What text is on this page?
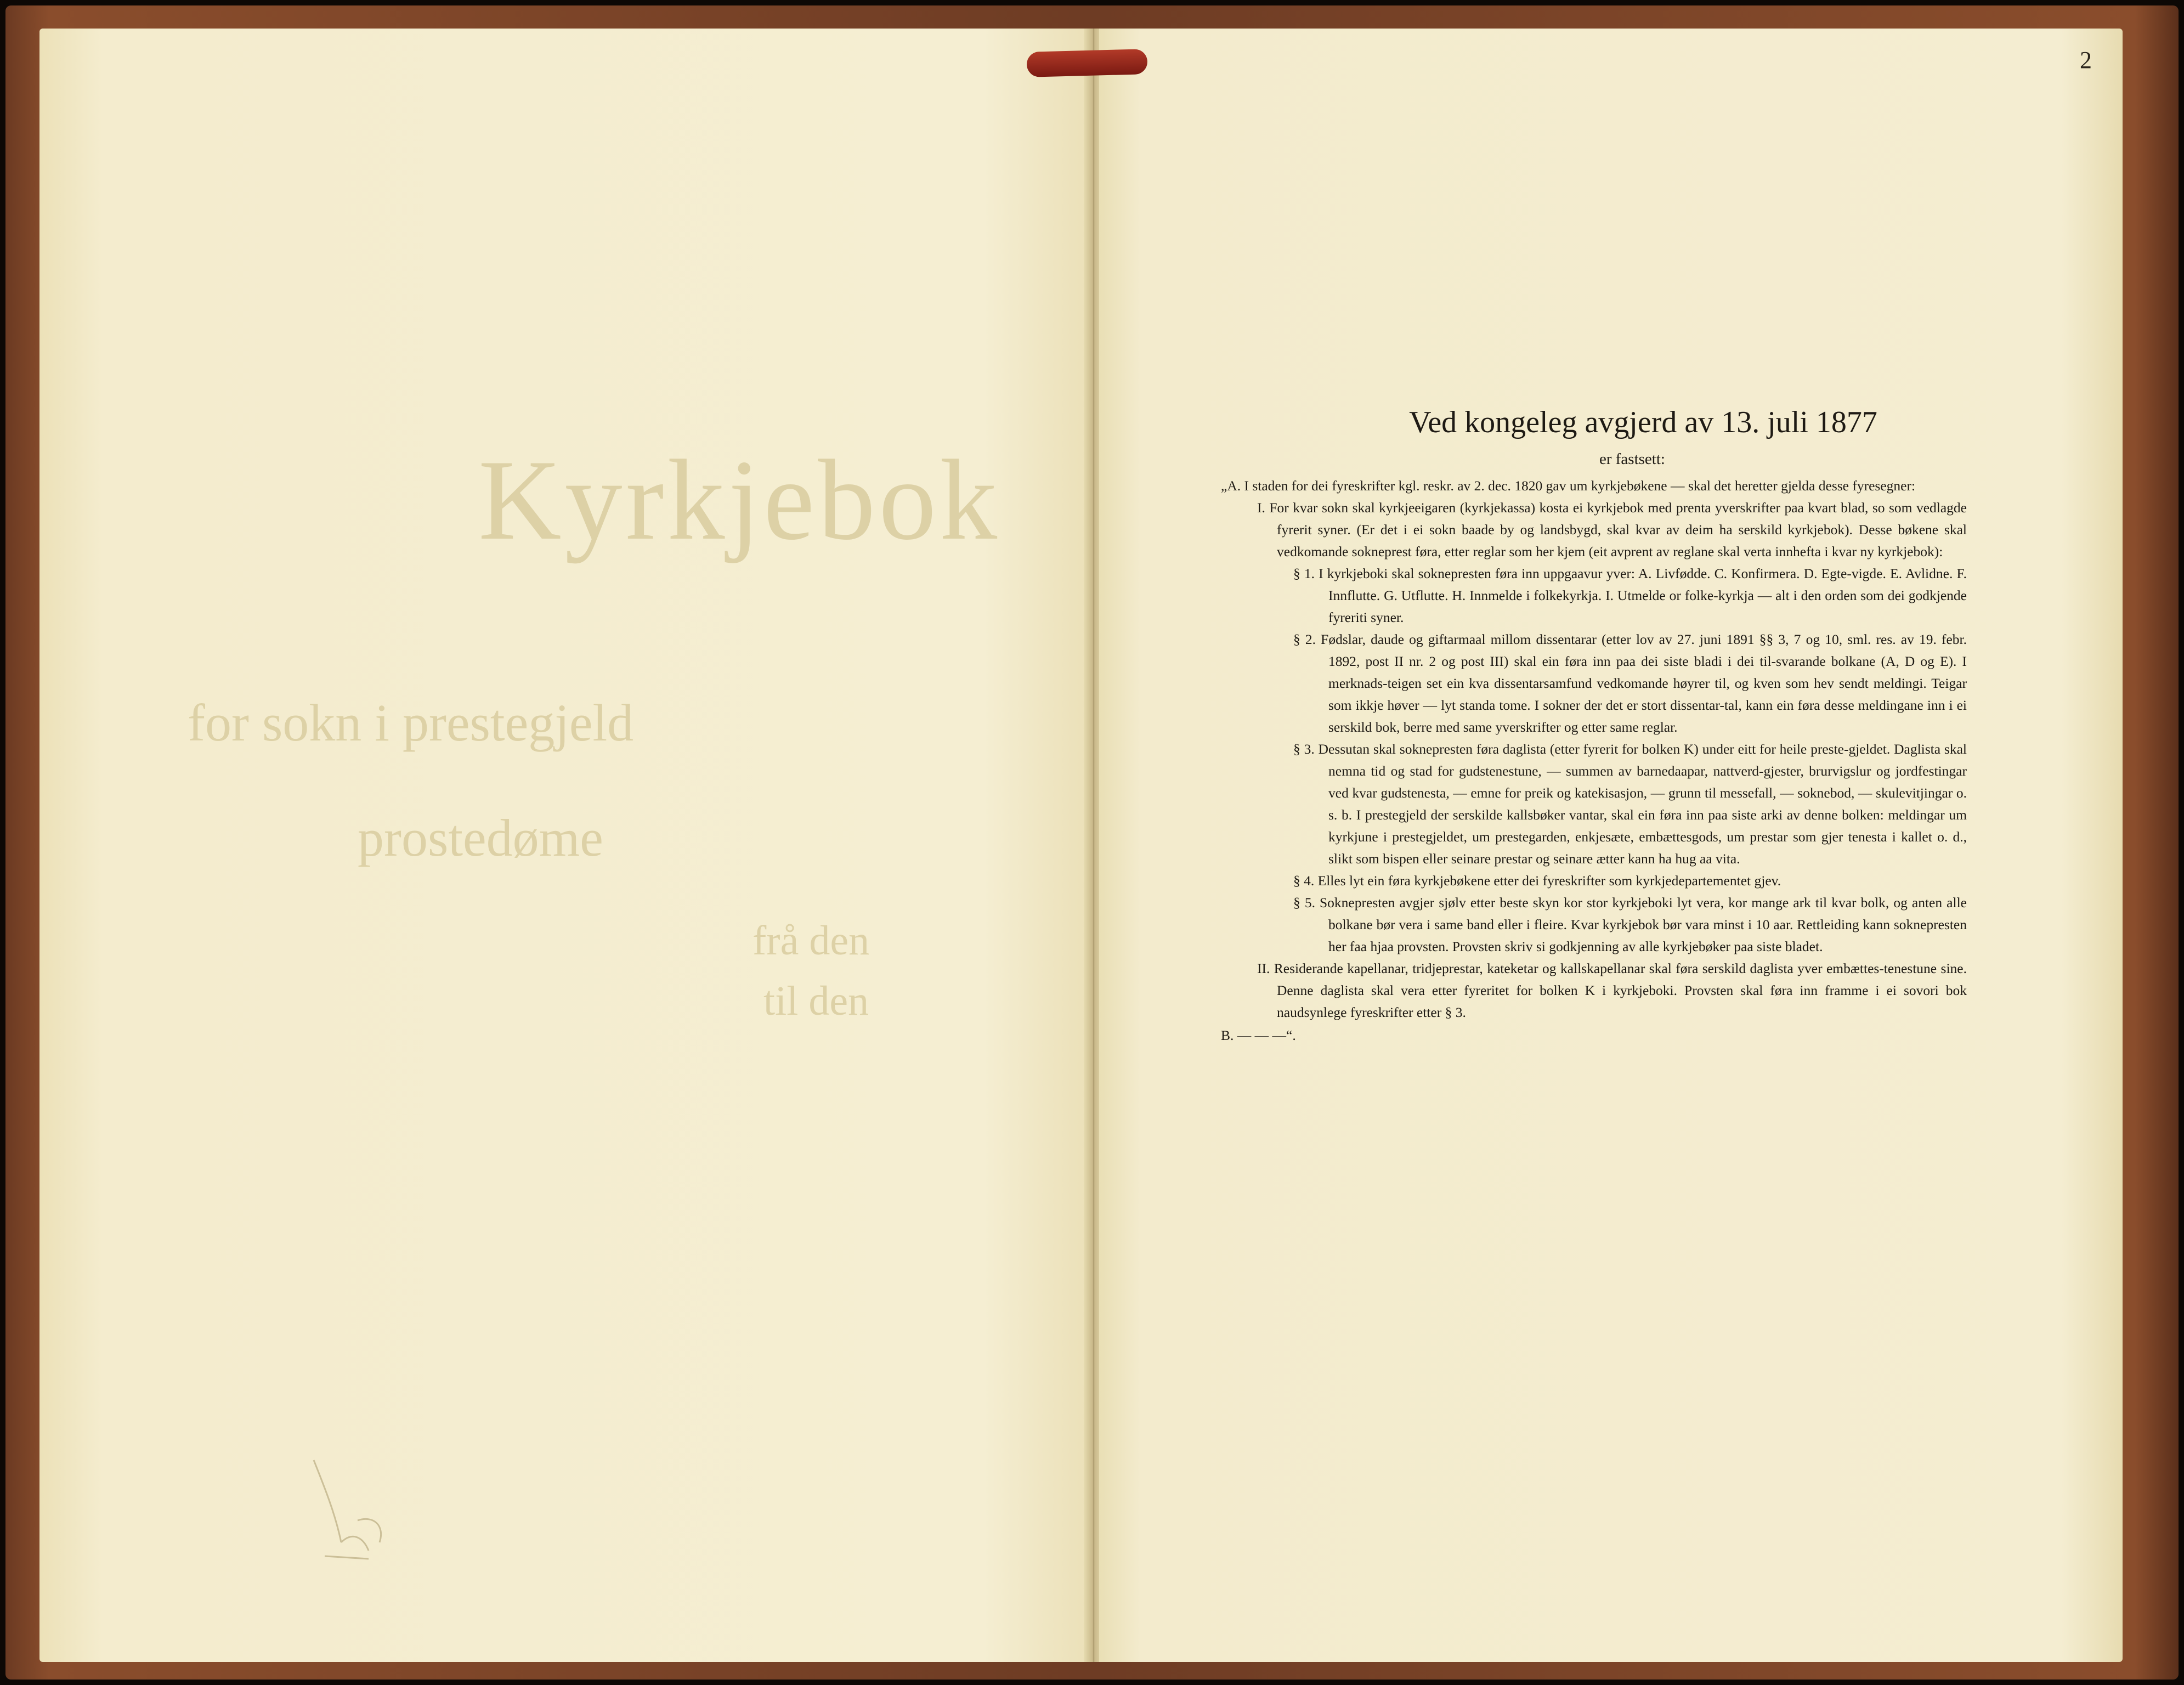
Kyrkjebok
for sokn i prestegjeld
prostedøme
frå den
til den
2
Ved kongeleg avgjerd av 13. juli 1877
er fastsett:

„A. I staden for dei fyreskrifter kgl. reskr. av 2. dec. 1820 gav um kyrkjebøkene — skal det heretter gjelda desse fyresegner:

I. For kvar sokn skal kyrkjeeigaren (kyrkjekassa) kosta ei kyrkjebok med prenta yverskrifter paa kvart blad, so som vedlagde fyrerit syner. (Er det i ei sokn baade by og landsbygd, skal kvar av deim ha serskild kyrkjebok). Desse bøkene skal vedkomande sokneprest føra, etter reglar som her kjem (eit avprent av reglane skal verta innhefta i kvar ny kyrkjebok):

§ 1. I kyrkjeboki skal soknepresten føra inn uppgaavur yver: A. Livfødde. C. Konfirmera. D. Egte-vigde. E. Avlidne. F. Innflutte. G. Utflutte. H. Innmelde i folkekyrkja. I. Utmelde or folke-kyrkja — alt i den orden som dei godkjende fyreriti syner.

§ 2. Fødslar, daude og giftarmaal millom dissentarar (etter lov av 27. juni 1891 §§ 3, 7 og 10, sml. res. av 19. febr. 1892, post II nr. 2 og post III) skal ein føra inn paa dei siste bladi i dei til-svarande bolkane (A, D og E). I merknads-teigen set ein kva dissentarsamfund vedkomande høyrer til, og kven som hev sendt meldingi. Teigar som ikkje høver — lyt standa tome. I sokner der det er stort dissentar-tal, kann ein føra desse meldingane inn i ei serskild bok, berre med same yverskrifter og etter same reglar.

§ 3. Dessutan skal soknepresten føra daglista (etter fyrerit for bolken K) under eitt for heile preste-gjeldet. Daglista skal nemna tid og stad for gudstenestune, — summen av barnedaapar, nattverd-gjester, brurvigslur og jordfestingar ved kvar gudstenesta, — emne for preik og katekisasjon, — grunn til messefall, — soknebod, — skulevitjingar o. s. b. I prestegjeld der serskilde kallsbøker vantar, skal ein føra inn paa siste arki av denne bolken: meldingar um kyrkjune i prestegjeldet, um prestegarden, enkjesæte, embættesgods, um prestar som gjer tenesta i kallet o. d., slikt som bispen eller seinare prestar og seinare ætter kann ha hug aa vita.

§ 4. Elles lyt ein føra kyrkjebøkene etter dei fyreskrifter som kyrkjedepartementet gjev.

§ 5. Soknepresten avgjer sjølv etter beste skyn kor stor kyrkjeboki lyt vera, kor mange ark til kvar bolk, og anten alle bolkane bør vera i same band eller i fleire. Kvar kyrkjebok bør vara minst i 10 aar. Rettleiding kann soknepresten her faa hjaa provsten. Provsten skriv si godkjenning av alle kyrkjebøker paa siste bladet.

II. Residerande kapellanar, tridjeprestar, kateketar og kallskapellanar skal føra serskild daglista yver embættes-tenestune sine. Denne daglista skal vera etter fyreritet for bolken K i kyrkjeboki. Provsten skal føra inn framme i ei sovori bok naudsynlege fyreskrifter etter § 3.

B. — — —“.
